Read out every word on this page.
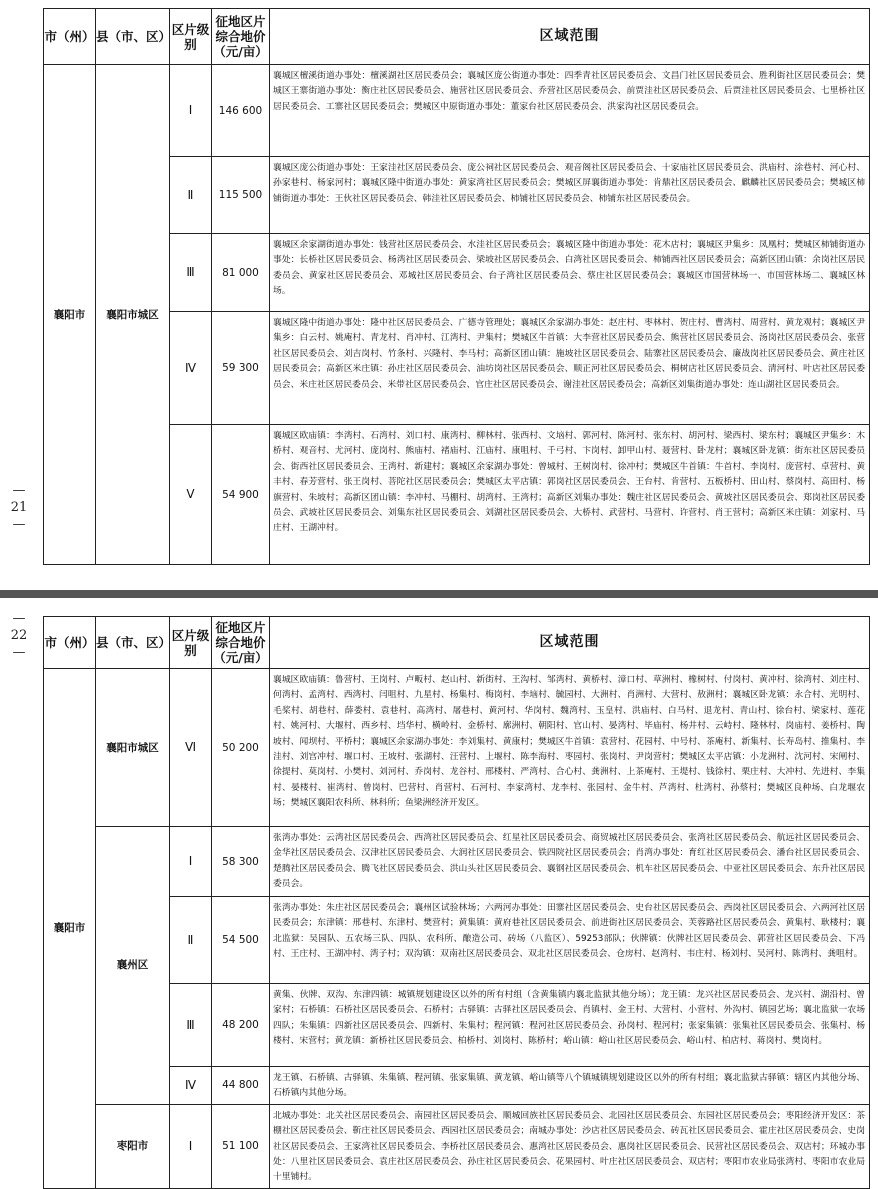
市（州）	县（市、区）	区片级别	征地区片综合地价（元/亩）	区域范围
襄阳市	襄阳市城区	Ⅰ	146 600	襄城区檀溪街道办事处：檀溪湖社区居民委员会；襄城区庞公街道办事处：四季青社区居民委员会、文昌门社区居民委员会、胜利街社区居民委员会；樊城区王寨街道办事处：衡庄社区居民委员会、施营社区居民委员会、乔营社区居民委员会、前贾洼社区居民委员会、后贾洼社区居民委员会、七里桥社区居民委员会、工寨社区居民委员会；樊城区中原街道办事处：董家台社区居民委员会、洪家沟社区居民委员会。
		Ⅱ	115 500	襄城区庞公街道办事处：王家洼社区居民委员会、庞公祠社区居民委员会、观音阁社区居民委员会、十家庙社区居民委员会、洪庙村、涂巷村、河心村、孙家巷村、杨家河村；襄城区隆中街道办事处：黄家湾社区居民委员会；樊城区屏襄街道办事处：肯鼎社区居民委员会、麒麟社区居民委员会；樊城区柿铺街道办事处：王伙社区居民委员会、韩洼社区居民委员会、柿铺社区居民委员会、柿铺东社区居民委员会。
		Ⅲ	81 000	襄城区余家湖街道办事处：钱营社区居民委员会、水洼社区居民委员会；襄城区隆中街道办事处：花木店村；襄城区尹集乡：凤凰村；樊城区柿铺街道办事处：长桥社区居民委员会、杨湾社区居民委员会、梁坡社区居民委员会、白湾社区居民委员会、柿铺西社区居民委员会；高新区团山镇：余岗社区居民委员会、黄家社区居民委员会、邓城社区居民委员会、台子湾社区居民委员会、蔡庄社区居民委员会；襄城区市国营林场一、市国营林场二、襄城区林场。
		Ⅳ	59 300	襄城区隆中街道办事处：隆中社区居民委员会、广德寺管理处；襄城区余家湖办事处：赵庄村、枣林村、贺庄村、曹湾村、周营村、黄龙观村；襄城区尹集乡：白云村、姚庵村、青龙村、肖冲村、江湾村、尹集村；樊城区牛首镇：大李营社区居民委员会、熊营社区居民委员会、汤岗社区居民委员会、张营社区居民委员会、刘吉岗村、竹条村、兴隆村、李马村；高新区团山镇：施坡社区居民委员会、陆寨社区居民委员会、廉战岗社区居民委员会、黄庄社区居民委员会；高新区米庄镇：孙庄社区居民委员会、油坊岗社区居民委员会、顺正河社区居民委员会、桐树店社区居民委员会、清河村、叶店社区居民委员会、米庄社区居民委员会、米带社区居民委员会、官庄社区居民委员会、谢洼社区居民委员会；高新区刘集街道办事处：连山湖社区居民委员会。
		Ⅴ	54 900	襄城区欧庙镇：李湾村、石湾村、刘口村、康湾村、柳林村、张西村、文垴村、郭河村、陈河村、张东村、胡河村、梁西村、梁东村；襄城区尹集乡：木桥村、观音村、尤河村、庞岗村、熊庙村、褚庙村、江庙村、康咀村、千弓村、卞岗村、卸甲山村、聂营村、卧龙村；襄城区卧龙镇：街东社区居民委员会、街西社区居民委员会、王湾村、新建村；襄城区余家湖办事处：曾城村、王树岗村、徐冲村；樊城区牛首镇：牛首村、李岗村、庞营村、卓营村、黄丰村、春芳营村、张王岗村、菩陀社区居民委员会；樊城区太平店镇：郭岗社区居民委员会、王台村、肯营村、五板桥村、田山村、蔡岗村、高田村、杨旗营村、朱坡村；高新区团山镇：李冲村、马棚村、胡湾村、王湾村；高新区刘集办事处：魏庄社区居民委员会、黄坡社区居民委员会、郑岗社区居民委员会、武坡社区居民委员会、刘集东社区居民委员会、刘湖社区居民委员会、大桥村、武营村、马营村、许营村、肖王营村；高新区米庄镇：刘家村、马庄村、王湖冲村。
—
21
—
—
22
—
市（州）	县（市、区）	区片级别	征地区片综合地价（元/亩）	区域范围
襄阳市	襄阳市城区	Ⅵ	50 200	襄城区欧庙镇：鲁营村、王岗村、卢畈村、赵山村、新街村、王沟村、邹湾村、黄桥村、漳口村、草洲村、橡树村、付岗村、黄冲村、徐湾村、刘庄村、何湾村、孟湾村、西湾村、闫咀村、九星村、杨集村、梅岗村、李垴村、毓园村、大洲村、肖洲村、大营村、敖洲村；襄城区卧龙镇：永合村、光明村、毛桨村、胡巷村、薛娄村、袁巷村、高湾村、屠巷村、黄河村、华岗村、魏湾村、玉皇村、洪庙村、白马村、退龙村、青山村、徐台村、梁家村、莲花村、姚河村、大堰村、西乡村、垱华村、横岭村、金桥村、廓洲村、朝阳村、官山村、晏湾村、毕庙村、杨井村、云峙村、隆林村、岗庙村、姜桥村、陶坡村、闻坝村、平桥村；襄城区余家湖办事处：李刘集村、黄康村；樊城区牛首镇：袁营村、花园村、中号村、茶庵村、新集村、长寿岛村、推集村、李洼村、刘宫冲村、堰口村、王坡村、张湖村、汪营村、上堰村、陈李海村、枣园村、张岗村、尹岗营村；樊城区太平店镇：小龙洲村、沈河村、宋闸村、徐提村、莫岗村、小樊村、刘河村、乔岗村、龙谷村、邢楼村、严湾村、合心村、龚洲村、上茶庵村、王堤村、钱徐村、栗庄村、大冲村、先进村、李集村、晏楼村、崔湾村、曾岗村、巴营村、肖营村、石河村、李家湾村、龙李村、张园村、金牛村、芦湾村、杜湾村、孙蔡村；樊城区良种场、白龙堰农场；樊城区襄阳农科所、林科所；鱼梁洲经济开发区。
	襄州区	Ⅰ	58 300	张湾办事处：云湾社区居民委员会、西湾社区居民委员会、红星社区居民委员会、商贸城社区居民委员会、张湾社区居民委员会、航远社区居民委员会、金华社区居民委员会、汉津社区居民委员会、大润社区居民委员会、铁四院社区居民委员会；肖湾办事处：育红社区居民委员会、潘台社区居民委员会、楚腾社区居民委员会、腾飞社区居民委员会、洪山头社区居民委员会、襄钢社区居民委员会、机车社区居民委员会、中亚社区居民委员会、东升社区居民委员会。
		Ⅱ	54 500	张湾办事处：朱庄社区居民委员会；襄州区试验林场；六两河办事处：田寨社区居民委员会、史台社区居民委员会、西岗社区居民委员会、六两河社区居民委员会；东津镇：邢巷村、东津村、樊营村；黄集镇：黄府巷社区居民委员会、前进街社区居民委员会、芙蓉路社区居民委员会、黄集村、耿楼村；襄北监狱：吴园队、五农场三队、四队、农科所、酿造公司、砖场（八监区）、59253部队；伙牌镇：伙牌社区居民委员会、郭营社区居民委员会、下冯村、王庄村、王湖冲村、湾子村；双沟镇：双南社区居民委员会、双北社区居民委员会、仓房村、赵湾村、韦庄村、杨刘村、吴河村、陈湾村、龚咀村。
		Ⅲ	48 200	黄集、伙牌、双沟、东津四镇：城镇规划建设区以外的所有村组（含黄集镇内襄北监狱其他分场）；龙王镇：龙兴社区居民委员会、龙兴村、湖沿村、曾家村；石桥镇：石桥社区居民委员会、石桥村；古驿镇：古驿社区居民委员会、肖镇村、金王村、大营村、小营村、外沟村、镇园艺场；襄北监狱一农场四队；朱集镇：四新社区居民委员会、四新村、朱集村；程河镇：程河社区居民委员会、孙岗村、程河村；张家集镇：张集社区居民委员会、张集村、杨楼村、宋营村；黄龙镇：新桥社区居民委员会、柏桥村、刘岗村、陈桥村；峪山镇：峪山社区居民委员会、峪山村、柏店村、蒋岗村、樊岗村。
		Ⅳ	44 800	龙王镇、石桥镇、古驿镇、朱集镇、程河镇、张家集镇、黄龙镇、峪山镇等八个镇城镇规划建设区以外的所有村组；襄北监狱古驿镇：辖区内其他分场、石桥镇内其他分场。
	枣阳市	Ⅰ	51 100	北城办事处：北关社区居民委员会、南园社区居民委员会、顺城回族社区居民委员会、北园社区居民委员会、东园社区居民委员会；枣阳经济开发区：茶棚社区居民委员会、靳庄社区居民委员会、西园社区居民委员会；南城办事处：沙店社区居民委员会、砖瓦社区居民委员会、霍庄社区居民委员会、史岗社区居民委员会、王家湾社区居民委员会、李桥社区居民委员会、惠湾社区居民委员会、惠岗社区居民委员会、民营社区居民委员会、双店村；环城办事处：八里社区居民委员会、袁庄社区居民委员会、孙庄社区居民委员会、花果园村、叶庄社区居民委员会、双店村；枣阳市农业局张湾村、枣阳市农业局十里铺村。
